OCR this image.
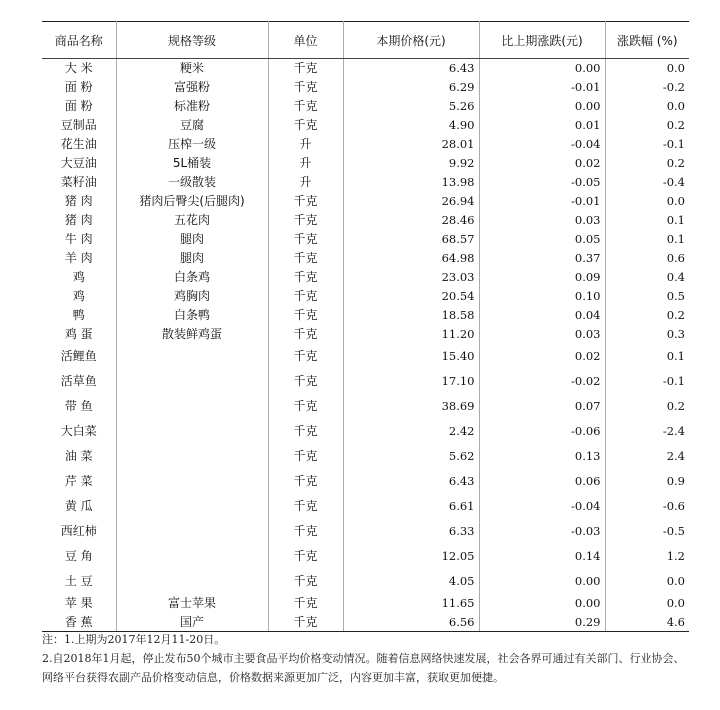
商品名称	规格等级	单位	本期价格(元)	比上期涨跌(元)	涨跌幅 (%)
大 米	粳米	千克	6.43	0.00	0.0
面 粉	富强粉	千克	6.29	-0.01	-0.2
面 粉	标准粉	千克	5.26	0.00	0.0
豆制品	豆腐	千克	4.90	0.01	0.2
花生油	压榨一级	升	28.01	-0.04	-0.1
大豆油	5L桶装	升	9.92	0.02	0.2
菜籽油	一级散装	升	13.98	-0.05	-0.4
猪 肉	猪肉后臀尖(后腿肉)	千克	26.94	-0.01	0.0
猪 肉	五花肉	千克	28.46	0.03	0.1
牛 肉	腿肉	千克	68.57	0.05	0.1
羊 肉	腿肉	千克	64.98	0.37	0.6
鸡	白条鸡	千克	23.03	0.09	0.4
鸡	鸡胸肉	千克	20.54	0.10	0.5
鸭	白条鸭	千克	18.58	0.04	0.2
鸡 蛋	散装鲜鸡蛋	千克	11.20	0.03	0.3
活鲤鱼		千克	15.40	0.02	0.1
活草鱼		千克	17.10	-0.02	-0.1
带 鱼		千克	38.69	0.07	0.2
大白菜		千克	2.42	-0.06	-2.4
油 菜		千克	5.62	0.13	2.4
芹 菜		千克	6.43	0.06	0.9
黄 瓜		千克	6.61	-0.04	-0.6
西红柿		千克	6.33	-0.03	-0.5
豆 角		千克	12.05	0.14	1.2
土 豆		千克	4.05	0.00	0.0
苹 果	富士苹果	千克	11.65	0.00	0.0
香 蕉	国产	千克	6.56	0.29	4.6

注：1.上期为2017年12月11-20日。

2.自2018年1月起，停止发布50个城市主要食品平均价格变动情况。随着信息网络快速发展，社会各界可通过有关部门、行业协会、

网络平台获得农副产品价格变动信息，价格数据来源更加广泛，内容更加丰富，获取更加便捷。
